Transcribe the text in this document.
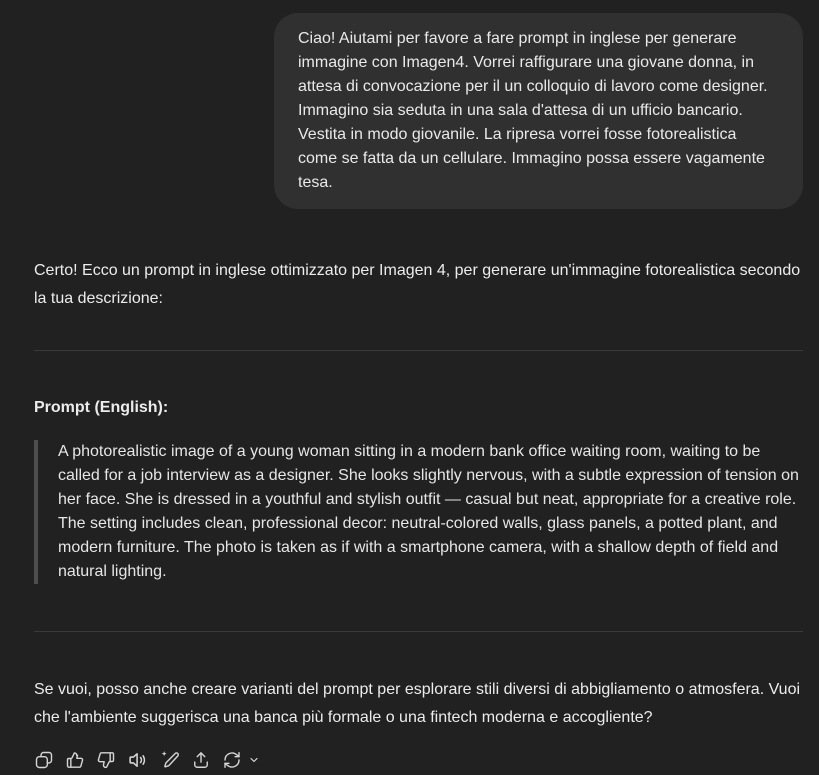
Ciao! Aiutami per favore a fare prompt in inglese per generare immagine con Imagen4. Vorrei raffigurare una giovane donna, in attesa di convocazione per il un colloquio di lavoro come designer. Immagino sia seduta in una sala d'attesa di un ufficio bancario. Vestita in modo giovanile. La ripresa vorrei fosse fotorealistica come se fatta da un cellulare. Immagino possa essere vagamente tesa.

Certo! Ecco un prompt in inglese ottimizzato per Imagen 4, per generare un'immagine fotorealistica secondo la tua descrizione:

Prompt (English):

A photorealistic image of a young woman sitting in a modern bank office waiting room, waiting to be called for a job interview as a designer. She looks slightly nervous, with a subtle expression of tension on her face. She is dressed in a youthful and stylish outfit — casual but neat, appropriate for a creative role. The setting includes clean, professional decor: neutral-colored walls, glass panels, a potted plant, and modern furniture. The photo is taken as if with a smartphone camera, with a shallow depth of field and natural lighting.

Se vuoi, posso anche creare varianti del prompt per esplorare stili diversi di abbigliamento o atmosfera. Vuoi che l'ambiente suggerisca una banca più formale o una fintech moderna e accogliente?
